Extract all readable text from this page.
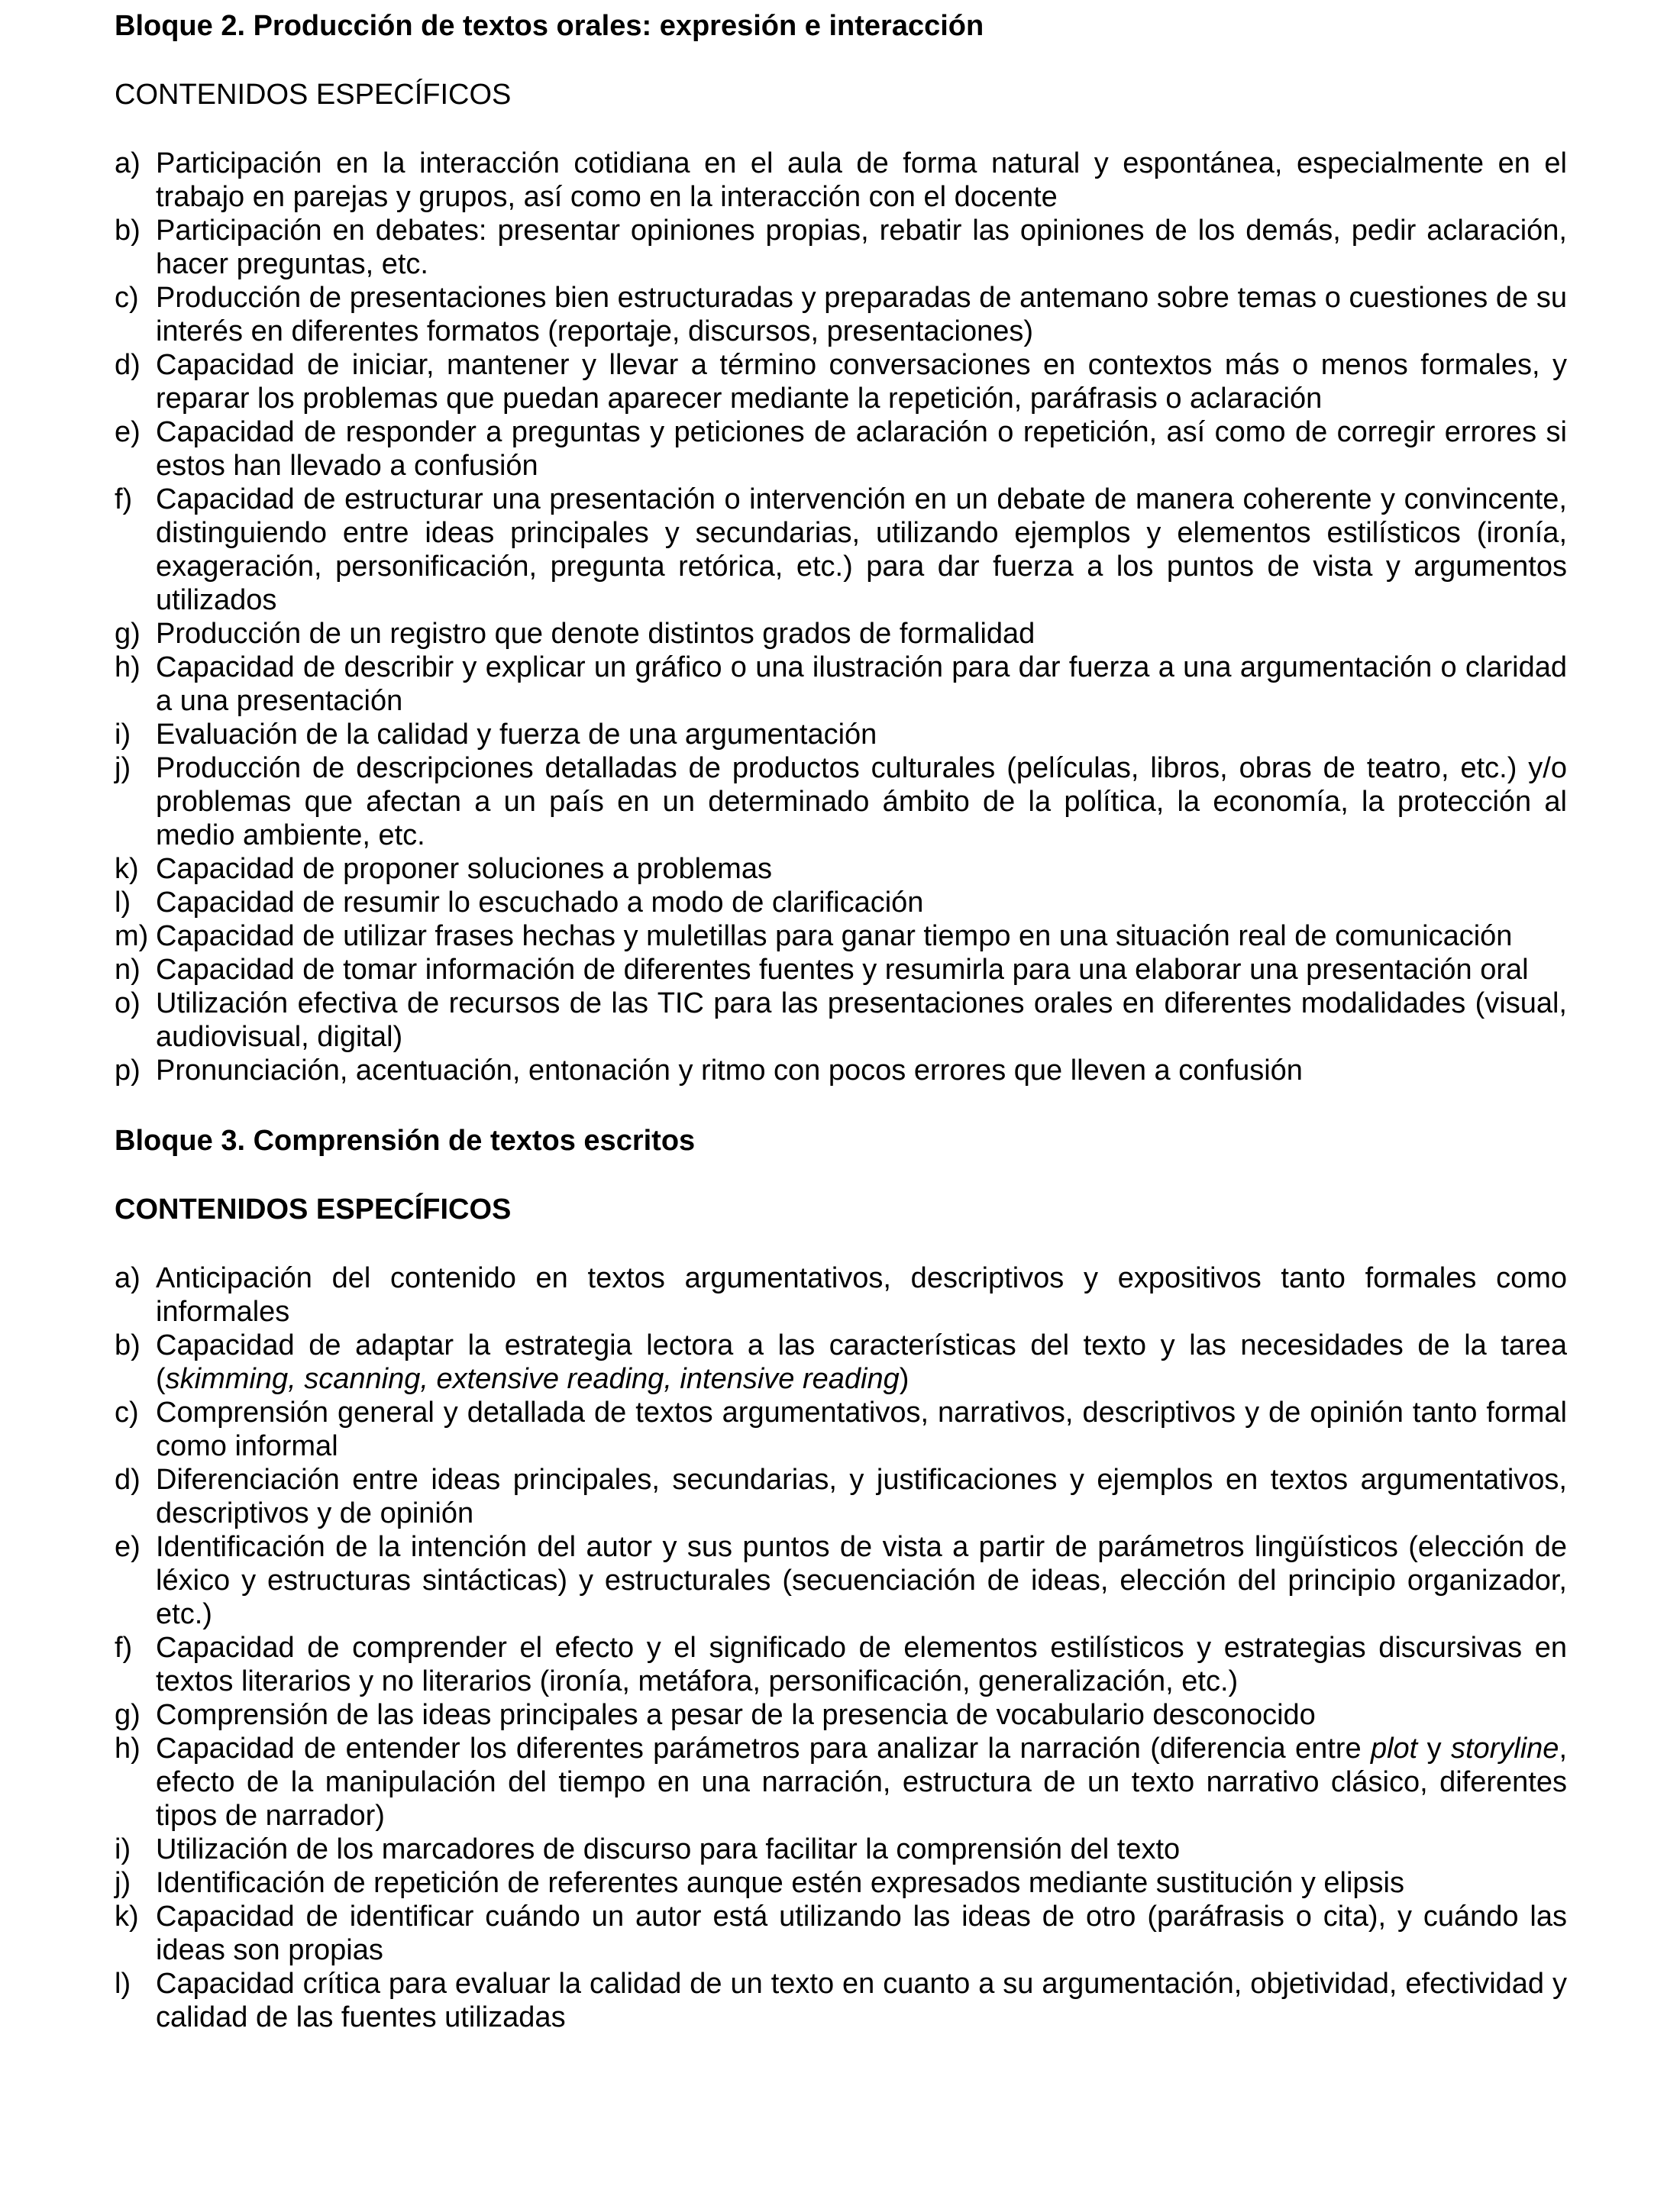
Bloque 2. Producción de textos orales: expresión e interacción

CONTENIDOS ESPECÍFICOS

a) Participación en la interacción cotidiana en el aula de forma natural y espontánea, especialmente en el trabajo en parejas y grupos, así como en la interacción con el docente
b) Participación en debates: presentar opiniones propias, rebatir las opiniones de los demás, pedir aclaración, hacer preguntas, etc.
c) Producción de presentaciones bien estructuradas y preparadas de antemano sobre temas o cuestiones de su interés en diferentes formatos (reportaje, discursos, presentaciones)
d) Capacidad de iniciar, mantener y llevar a término conversaciones en contextos más o menos formales, y reparar los problemas que puedan aparecer mediante la repetición, paráfrasis o aclaración
e) Capacidad de responder a preguntas y peticiones de aclaración o repetición, así como de corregir errores si estos han llevado a confusión
f) Capacidad de estructurar una presentación o intervención en un debate de manera coherente y convincente, distinguiendo entre ideas principales y secundarias, utilizando ejemplos y elementos estilísticos (ironía, exageración, personificación, pregunta retórica, etc.) para dar fuerza a los puntos de vista y argumentos utilizados
g) Producción de un registro que denote distintos grados de formalidad
h) Capacidad de describir y explicar un gráfico o una ilustración para dar fuerza a una argumentación o claridad a una presentación
i) Evaluación de la calidad y fuerza de una argumentación
j) Producción de descripciones detalladas de productos culturales (películas, libros, obras de teatro, etc.) y/o problemas que afectan a un país en un determinado ámbito de la política, la economía, la protección al medio ambiente, etc.
k) Capacidad de proponer soluciones a problemas
l) Capacidad de resumir lo escuchado a modo de clarificación
m) Capacidad de utilizar frases hechas y muletillas para ganar tiempo en una situación real de comunicación
n) Capacidad de tomar información de diferentes fuentes y resumirla para una elaborar una presentación oral
o) Utilización efectiva de recursos de las TIC para las presentaciones orales en diferentes modalidades (visual, audiovisual, digital)
p) Pronunciación, acentuación, entonación y ritmo con pocos errores que lleven a confusión
Bloque 3. Comprensión de textos escritos

CONTENIDOS ESPECÍFICOS

a) Anticipación del contenido en textos argumentativos, descriptivos y expositivos tanto formales como informales
b) Capacidad de adaptar la estrategia lectora a las características del texto y las necesidades de la tarea (skimming, scanning, extensive reading, intensive reading)
c) Comprensión general y detallada de textos argumentativos, narrativos, descriptivos y de opinión tanto formal como informal
d) Diferenciación entre ideas principales, secundarias, y justificaciones y ejemplos en textos argumentativos, descriptivos y de opinión
e) Identificación de la intención del autor y sus puntos de vista a partir de parámetros lingüísticos (elección de léxico y estructuras sintácticas) y estructurales (secuenciación de ideas, elección del principio organizador, etc.)
f) Capacidad de comprender el efecto y el significado de elementos estilísticos y estrategias discursivas en textos literarios y no literarios (ironía, metáfora, personificación, generalización, etc.)
g) Comprensión de las ideas principales a pesar de la presencia de vocabulario desconocido
h) Capacidad de entender los diferentes parámetros para analizar la narración (diferencia entre plot y storyline, efecto de la manipulación del tiempo en una narración, estructura de un texto narrativo clásico, diferentes tipos de narrador)
i) Utilización de los marcadores de discurso para facilitar la comprensión del texto
j) Identificación de repetición de referentes aunque estén expresados mediante sustitución y elipsis
k) Capacidad de identificar cuándo un autor está utilizando las ideas de otro (paráfrasis o cita), y cuándo las ideas son propias
l) Capacidad crítica para evaluar la calidad de un texto en cuanto a su argumentación, objetividad, efectividad y calidad de las fuentes utilizadas
